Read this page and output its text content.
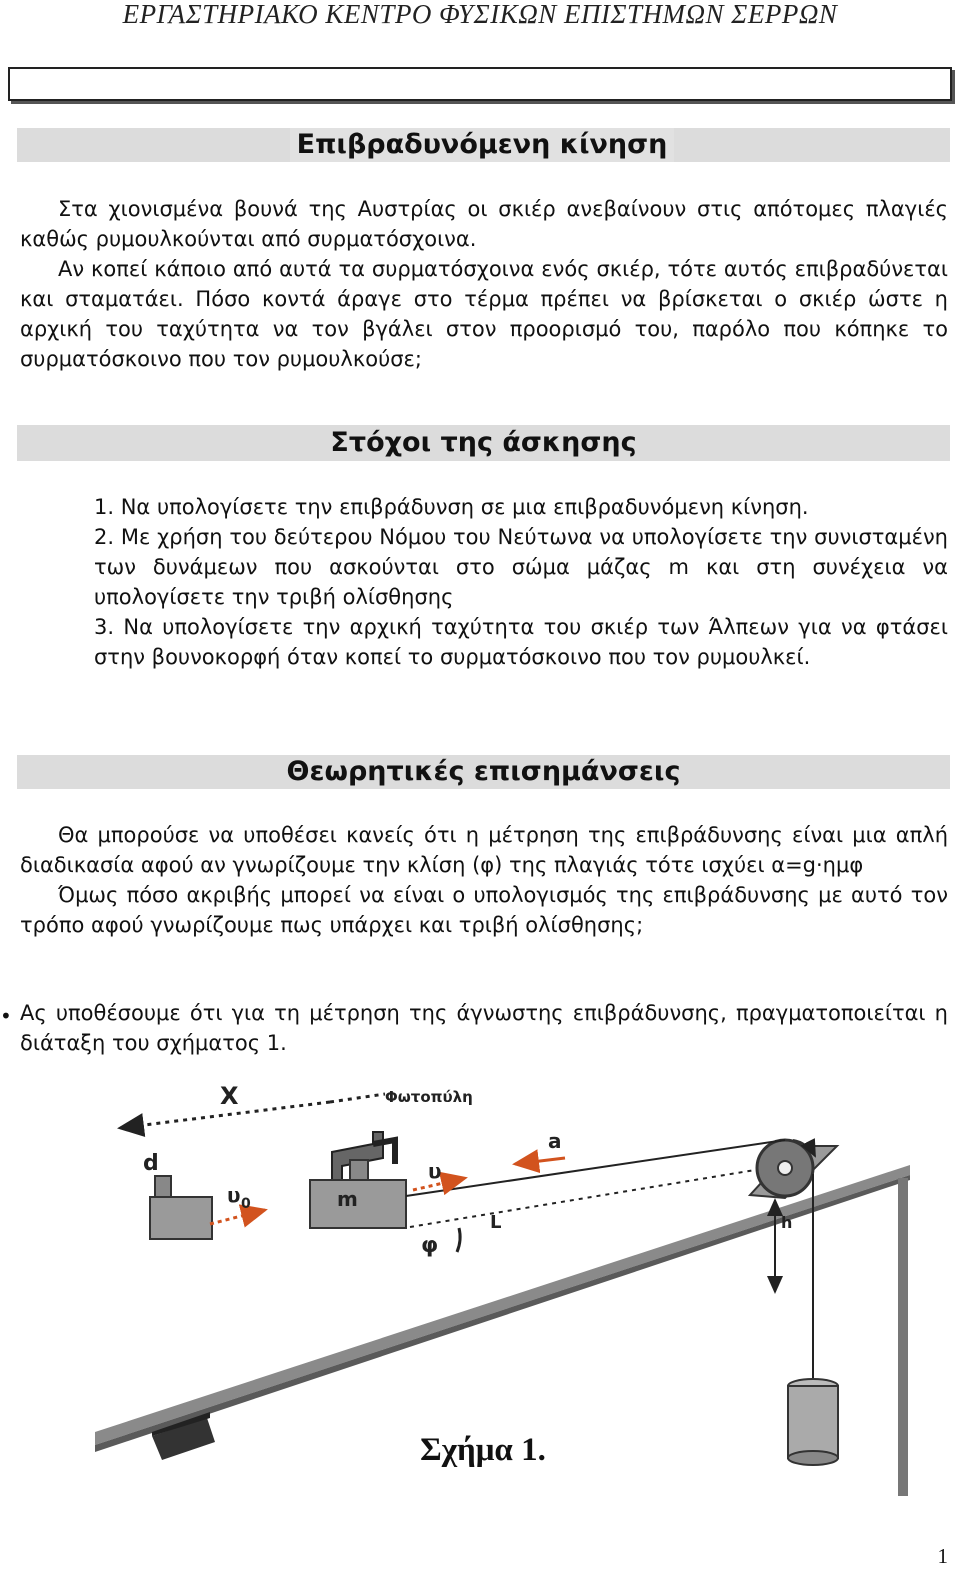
ΕΡΓΑΣΤΗΡΙΑΚΟ ΚΕΝΤΡΟ ΦΥΣΙΚΩΝ ΕΠΙΣΤΗΜΩΝ ΣΕΡΡΩΝ
Επιβραδυνόμενη κίνηση

Στα χιονισμένα βουνά της Αυστρίας οι σκιέρ ανεβαίνουν στις απότομες πλαγιές καθώς ρυμουλκούνται από συρματόσχοινα.

Αν κοπεί κάποιο από αυτά τα συρματόσχοινα ενός σκιέρ, τότε αυτός επιβραδύνεται και σταματάει. Πόσο κοντά άραγε στο τέρμα πρέπει να βρίσκεται ο σκιέρ ώστε η αρχική του ταχύτητα να τον βγάλει στον προορισμό του, παρόλο που κόπηκε το συρματόσκοινο που τον ρυμουλκούσε;

Στόχοι της άσκησης

1. Να υπολογίσετε την επιβράδυνση σε μια επιβραδυνόμενη κίνηση.

2. Με χρήση του δεύτερου Νόμου του Νεύτωνα να υπολογίσετε την συνισταμένη των δυνάμεων που ασκούνται στο σώμα μάζας m και στη συνέχεια να υπολογίσετε την τριβή ολίσθησης

3. Να υπολογίσετε την αρχική ταχύτητα του σκιέρ των Άλπεων για να φτάσει στην βουνοκορφή όταν κοπεί το συρματόσκοινο που τον ρυμουλκεί.

Θεωρητικές επισημάνσεις

Θα μπορούσε να υποθέσει κανείς ότι η μέτρηση της επιβράδυνσης είναι μια απλή διαδικασία αφού αν γνωρίζουμε την κλίση (φ) της πλαγιάς τότε ισχύει α=g·ημφ

Όμως πόσο ακριβής μπορεί να είναι ο υπολογισμός της επιβράδυνσης με αυτό τον τρόπο αφού γνωρίζουμε πως υπάρχει και τριβή ολίσθησης;

• Ας υποθέσουμε ότι για τη μέτρηση της άγνωστης επιβράδυνσης, πραγματοποιείται η διάταξη του σχήματος 1.
X	Φωτοπύλη
d
m
a
υ
υ 0
L
φ
h
Σχήμα 1.
1
